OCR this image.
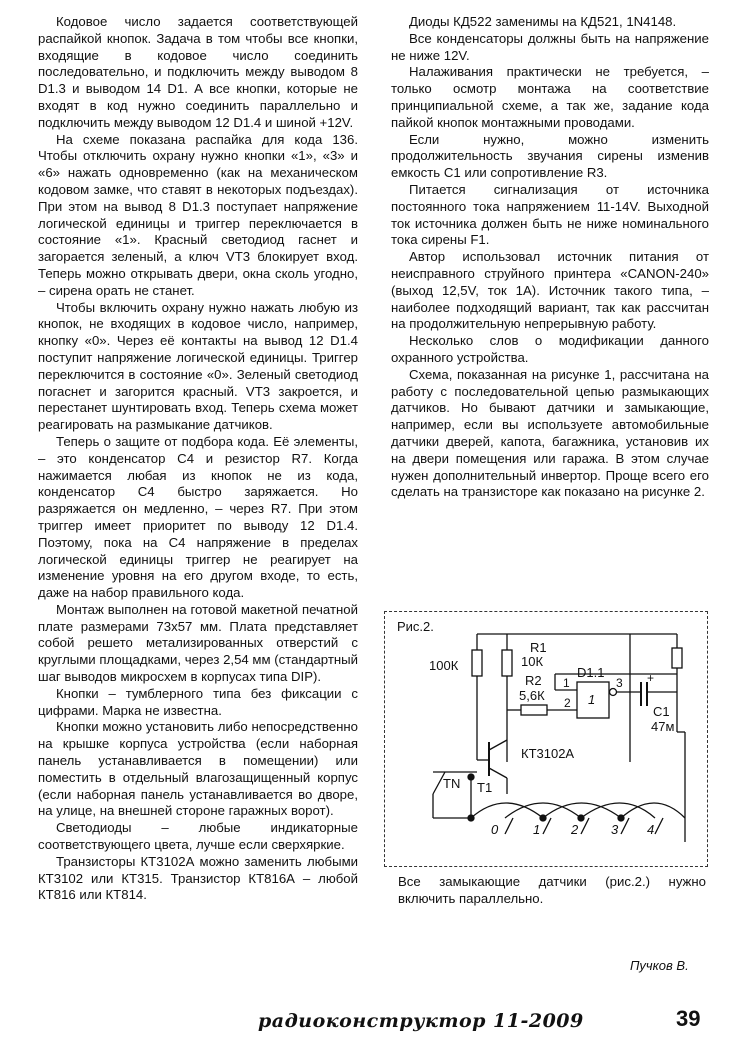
Кодовое число задается соответствующей распайкой кнопок. Задача в том чтобы все кнопки, входящие в кодовое число соединить последовательно, и подключить между выводом 8 D1.3 и выводом 14 D1. А все кнопки, которые не входят в код нужно соединить параллельно и подключить между выводом 12 D1.4 и шиной +12V.

На схеме показана распайка для кода 136. Чтобы отключить охрану нужно кнопки «1», «3» и «6» нажать одновременно (как на механическом кодовом замке, что ставят в некоторых подъездах). При этом на вывод 8 D1.3 поступает напряжение логической единицы и триггер переключается в состояние «1». Красный светодиод гаснет и загорается зеленый, а ключ VT3 блокирует вход. Теперь можно открывать двери, окна сколь угодно, – сирена орать не станет.

Чтобы включить охрану нужно нажать любую из кнопок, не входящих в кодовое число, например, кнопку «0». Через её контакты на вывод 12 D1.4 поступит напряжение логической единицы. Триггер переключится в состояние «0». Зеленый светодиод погаснет и загорится красный. VT3 закроется, и перестанет шунтировать вход. Теперь схема может реагировать на размыкание датчиков.

Теперь о защите от подбора кода. Её элементы, – это конденсатор С4 и резистор R7. Когда нажимается любая из кнопок не из кода, конденсатор С4 быстро заряжается. Но разряжается он медленно, – через R7. При этом триггер имеет приоритет по выводу 12 D1.4. Поэтому, пока на С4 напряжение в пределах логической единицы триггер не реагирует на изменение уровня на его другом входе, то есть, даже на набор правильного кода.

Монтаж выполнен на готовой макетной печатной плате размерами 73х57 мм. Плата представляет собой решето метализированных отверстий с круглыми площадками, через 2,54 мм (стандартный шаг выводов микросхем в корпусах типа DIP).

Кнопки – тумблерного типа без фиксации с цифрами. Марка не известна.

Кнопки можно установить либо непосредственно на крышке корпуса устройства (если наборная панель устанавливается в помещении) или поместить в отдельный влагозащищенный корпус (если наборная панель устанавливается во дворе, на улице, на внешней стороне гаражных ворот).

Светодиоды – любые индикаторные соответствующего цвета, лучше если сверхяркие.

Транзисторы КТ3102А можно заменить любыми КТ3102 или КТ315. Транзистор КТ816А – любой КТ816 или КТ814.

Диоды КД522 заменимы на КД521, 1N4148.

Все конденсаторы должны быть на напряжение не ниже 12V.

Налаживания практически не требуется, – только осмотр монтажа на соответствие принципиальной схеме, а так же, задание кода пайкой кнопок монтажными проводами.

Если нужно, можно изменить продолжительность звучания сирены изменив емкость С1 или сопротивление R3.

Питается сигнализация от источника постоянного тока напряжением 11-14V. Выходной ток источника должен быть не ниже номинального тока сирены F1.

Автор использовал источник питания от неисправного струйного принтера «CANON-240» (выход 12,5V, ток 1А). Источник такого типа, – наиболее подходящий вариант, так как рассчитан на продолжительную непрерывную работу.

Несколько слов о модификации данного охранного устройства.

Схема, показанная на рисунке 1, рассчитана на работу с последовательной цепью размыкающих датчиков. Но бывают датчики и замыкающие, например, если вы используете автомобильные датчики дверей, капота, багажника, установив их на двери помещения или гаража. В этом случае нужен дополнительный инвертор. Проще всего его сделать на транзисторе как показано на рисунке 2.

Рис.2.
100К
R1
10К
R2
5,6К
D1.1
1
1
2
3 +
С1
47м
КТ3102А
TN T1
0	1 2	3 4
Все замыкающие датчики (рис.2.) нужно включить параллельно.
Пучков В.
радиоконструктор 11-2009	39
